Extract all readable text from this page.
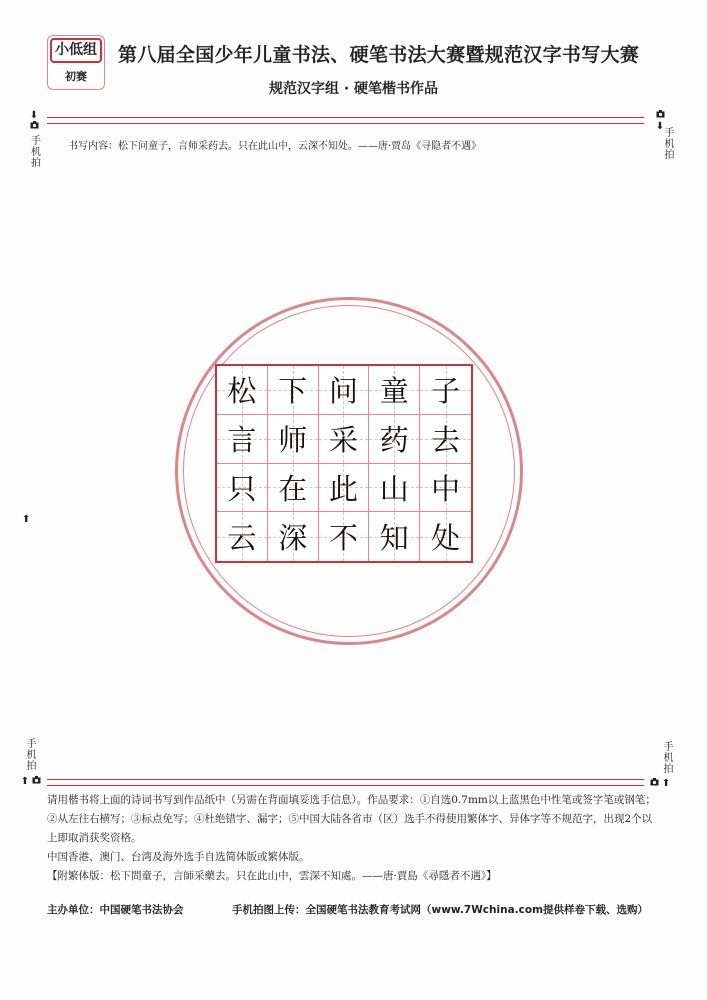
小低组
初赛
第八届全国少年儿童书法、硬笔书法大赛暨规范汉字书写大赛
规范汉字组 · 硬笔楷书作品
⬇
手机拍
⬇
手机拍
书写内容：松下问童子，言师采药去。只在此山中，云深不知处。——唐·贾岛《寻隐者不遇》
松 下 问 童 子
言 师 采 药 去
只 在 此 山 中
云 深 不 知 处
⬆
手机拍
⬆
手机拍
⬆
请用楷书将上面的诗词书写到作品纸中（另需在背面填妥选手信息）。作品要求：①自选0.7mm以上蓝黑色中性笔或签字笔或钢笔；②从左往右横写；③标点免写；④杜绝错字、漏字；⑤中国大陆各省市（区）选手不得使用繁体字、异体字等不规范字，出现2个以上即取消获奖资格。
中国香港、澳门、台湾及海外选手自选简体版或繁体版。
【附繁体版：松下問童子，言師采藥去。只在此山中，雲深不知處。——唐·賈島《尋隱者不遇》】
主办单位：中国硬笔书法协会	手机拍图上传：全国硬笔书法教育考试网（www.7Wchina.com提供样卷下载、选购）
